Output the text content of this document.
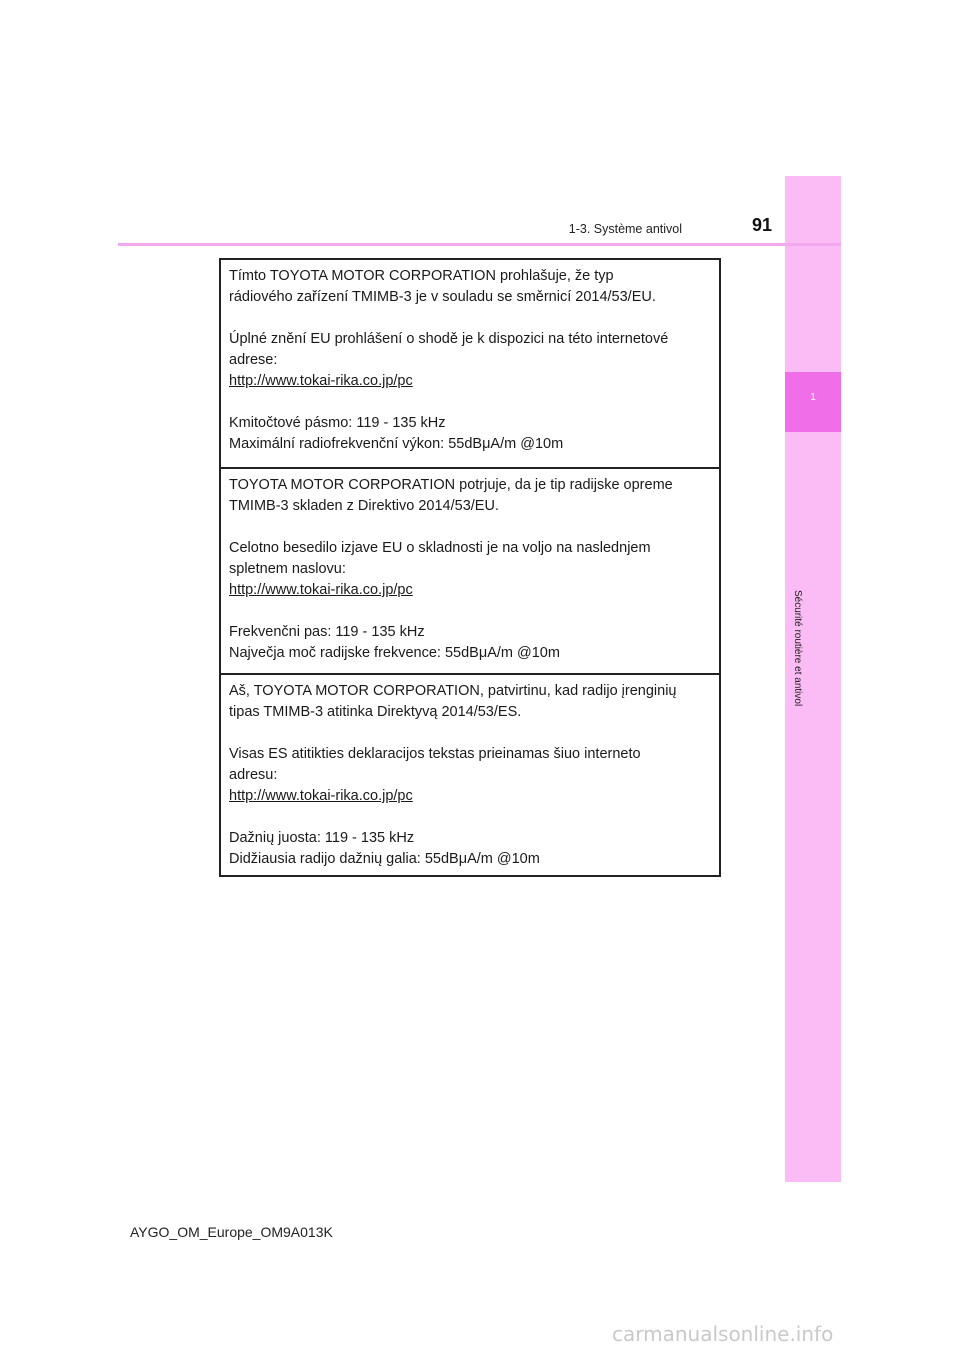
1
1-3. Système antivol	91

Tímto TOYOTA MOTOR CORPORATION prohlašuje, že typ

rádiového zařízení TMIMB-3 je v souladu se směrnicí 2014/53/EU.

Úplné znění EU prohlášení o shodě je k dispozici na této internetové

adrese:

http://www.tokai-rika.co.jp/pc

Kmitočtové pásmo: 119 - 135 kHz

Maximální radiofrekvenční výkon: 55dBμA/m @10m

TOYOTA MOTOR CORPORATION potrjuje, da je tip radijske opreme

TMIMB-3 skladen z Direktivo 2014/53/EU.

Celotno besedilo izjave EU o skladnosti je na voljo na naslednjem

spletnem naslovu:

http://www.tokai-rika.co.jp/pc

Frekvenčni pas: 119 - 135 kHz

Največja moč radijske frekvence: 55dBμA/m @10m

Aš, TOYOTA MOTOR CORPORATION, patvirtinu, kad radijo įrenginių

tipas TMIMB-3 atitinka Direktyvą 2014/53/ES.

Visas ES atitikties deklaracijos tekstas prieinamas šiuo interneto

adresu:

http://www.tokai-rika.co.jp/pc

Dažnių juosta: 119 - 135 kHz

Didžiausia radijo dažnių galia: 55dBμA/m @10m

AYGO_OM_Europe_OM9A013K
carmanualsonline.info
